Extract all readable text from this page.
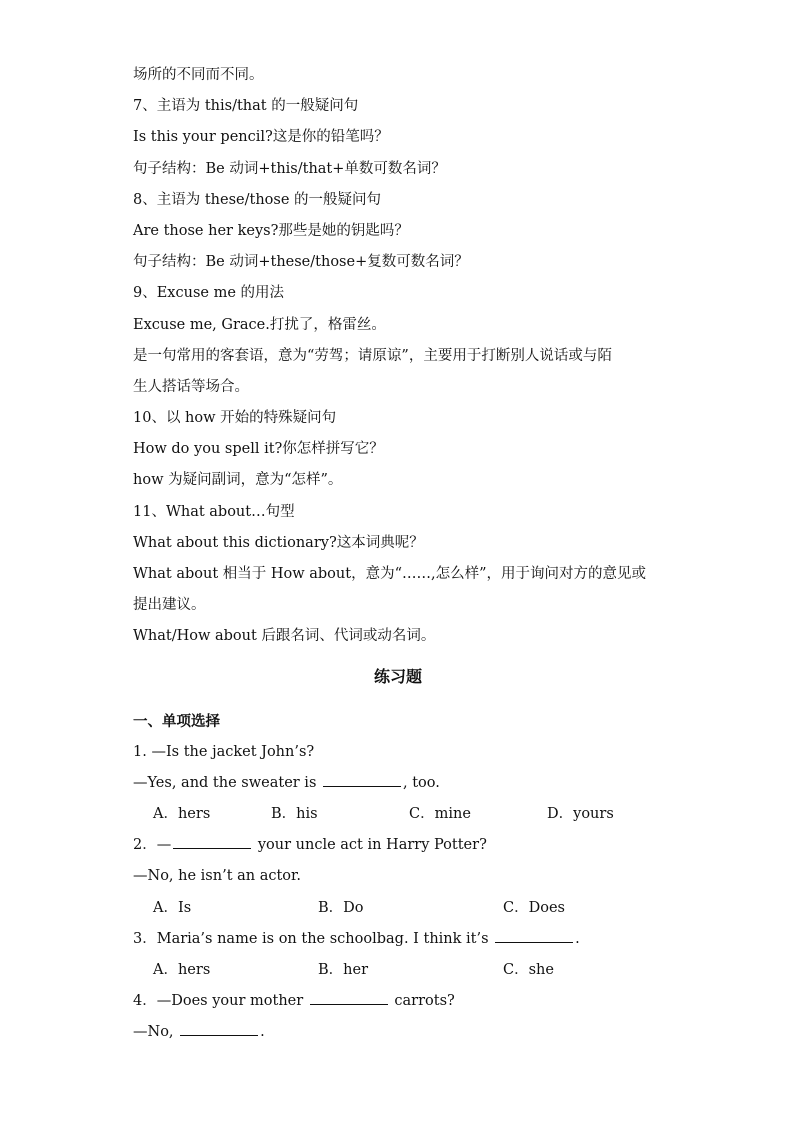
场所的不同而不同。
7、主语为 this/that 的一般疑问句
Is this your pencil?这是你的铅笔吗？
句子结构：Be 动词+this/that+单数可数名词？
8、主语为 these/those 的一般疑问句
Are those her keys?那些是她的钥匙吗？
句子结构：Be 动词+these/those+复数可数名词？
9、Excuse me 的用法
Excuse me, Grace.打扰了，格雷丝。
是一句常用的客套语，意为“劳驾；请原谅”，主要用于打断别人说话或与陌
生人搭话等场合。
10、以 how 开始的特殊疑问句
How do you spell it?你怎样拼写它？
how 为疑问副词，意为“怎样”。
11、What about…句型
What about this dictionary?这本词典呢？
What about 相当于 How about，意为“……,怎么样”，用于询问对方的意见或
提出建议。
What/How about 后跟名词、代词或动名词。
练习题
一、单项选择
1. —Is the jacket John’s?
—Yes, and the sweater is	, too.
A．hers	B．his	C．mine	D．yours
2．—	your uncle act in Harry Potter?
—No, he isn’t an actor.
A．Is	B．Do	C．Does
3．Maria’s name is on the schoolbag. I think it’s	.
A．hers	B．her	C．she
4．—Does your mother	carrots?
—No,	.
